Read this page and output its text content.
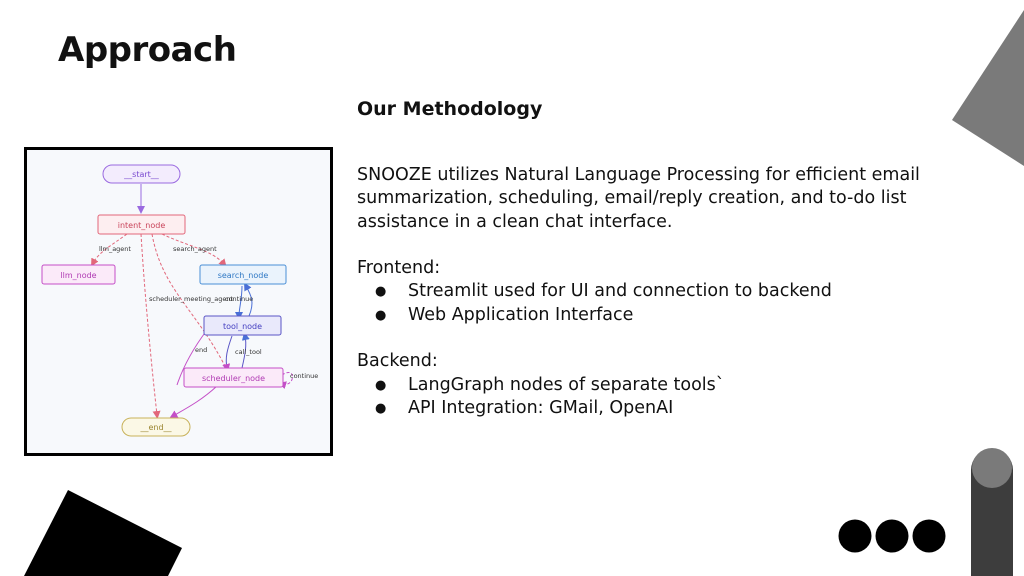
Approach
Our Methodology

SNOOZE utilizes Natural Language Processing for efficient email summarization, scheduling, email/reply creation, and to-do list assistance in a clean chat interface.

Frontend:

● Streamlit used for UI and connection to backend
● Web Application Interface

Backend:

● LangGraph nodes of separate tools`
● API Integration: GMail, OpenAI
llm_agent	search_agent
scheduler_meeting_agent
continue
end	call_tool
continue
__start__
intent_node
llm_node	search_node
tool_node
scheduler_node
__end__
